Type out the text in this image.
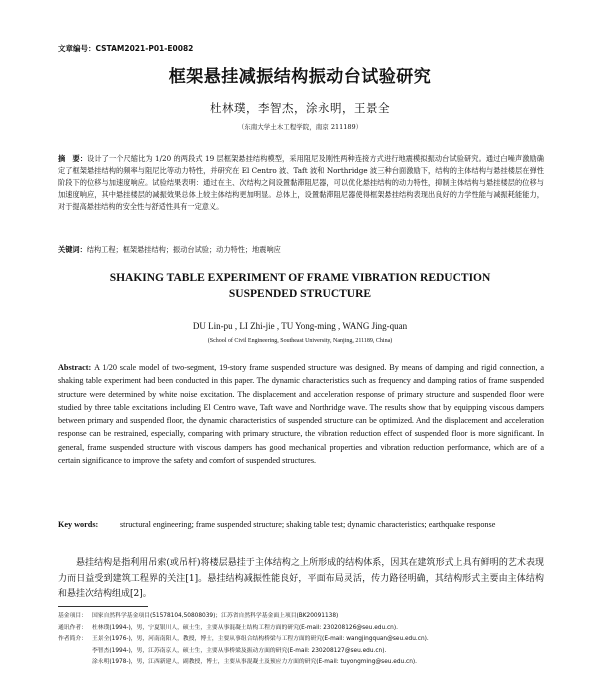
文章编号：CSTAM2021-P01-E0082
框架悬挂减振结构振动台试验研究
杜林璞，李智杰，涂永明，王景全
（东南大学土木工程学院，南京 211189）
摘　要：设计了一个尺缩比为 1/20 的两段式 19 层框架悬挂结构模型，采用阻尼及刚性两种连接方式进行地震模拟振动台试验研究。通过白噪声激励确定了框架悬挂结构的频率与阻尼比等动力特性，并研究在 El Centro 波、Taft 波和 Northridge 波三种台面激励下，结构的主体结构与悬挂楼层在弹性阶段下的位移与加速度响应。试验结果表明：通过在主、次结构之间设置黏滞阻尼器，可以优化悬挂结构的动力特性，抑制主体结构与悬挂楼层的位移与加速度响应，其中悬挂楼层的减振效果总体上较主体结构更加明显。总体上，设置黏滞阻尼器使得框架悬挂结构表现出良好的力学性能与减振耗能能力，对于提高悬挂结构的安全性与舒适性具有一定意义。
关键词：结构工程；框架悬挂结构；振动台试验；动力特性；地震响应
SHAKING TABLE EXPERIMENT OF FRAME VIBRATION REDUCTION
SUSPENDED STRUCTURE
DU Lin-pu , LI Zhi-jie , TU Yong-ming , WANG Jing-quan
(School of Civil Engineering, Southeast University, Nanjing, 211189, China)
Abstract: A 1/20 scale model of two-segment, 19-story frame suspended structure was designed. By means of damping and rigid connection, a shaking table experiment had been conducted in this paper. The dynamic characteristics such as frequency and damping ratios of frame suspended structure were determined by white noise excitation. The displacement and acceleration response of primary structure and suspended floor were studied by three table excitations including El Centro wave, Taft wave and Northridge wave. The results show that by equipping viscous dampers between primary and suspended floor, the dynamic characteristics of suspended structure can be optimized. And the displacement and acceleration response can be restrained, especially, comparing with primary structure, the vibration reduction effect of suspended floor is more significant. In general, frame suspended structure with viscous dampers has good mechanical properties and vibration reduction performance, which are of a certain significance to improve the safety and comfort of suspended structures.
Key words:	structural engineering; frame suspended structure; shaking table test; dynamic characteristics; earthquake response
悬挂结构是指利用吊索(或吊杆)将楼层悬挂于主体结构之上所形成的结构体系，因其在建筑形式上具有鲜明的艺术表现力而日益受到建筑工程界的关注[1]。悬挂结构减振性能良好，平面布局灵活，传力路径明确，其结构形式主要由主体结构和悬挂次结构组成[2]。
基金项目： 国家自然科学基金项目(51578104,50808039)；江苏省自然科学基金面上项目(BK20091138)
通讯作者： 杜林璞(1994-)，男，宁夏银川人，硕士生，主要从事混凝土结构工程方面的研究(E-mail: 230208126@seu.edu.cn).
作者简介： 王景全(1976-)，男，河南南阳人，教授，博士，主要从事组合结构桥梁与工程方面的研究(E-mail: wangjingquan@seu.edu.cn).
李智杰(1994-)，男，江苏南京人，硕士生，主要从事桥梁及振动方面的研究(E-mail: 230208127@seu.edu.cn).
涂永明(1978-)，男，江西新建人，副教授，博士，主要从事混凝土及预应力方面的研究(E-mail: tuyongming@seu.edu.cn).
